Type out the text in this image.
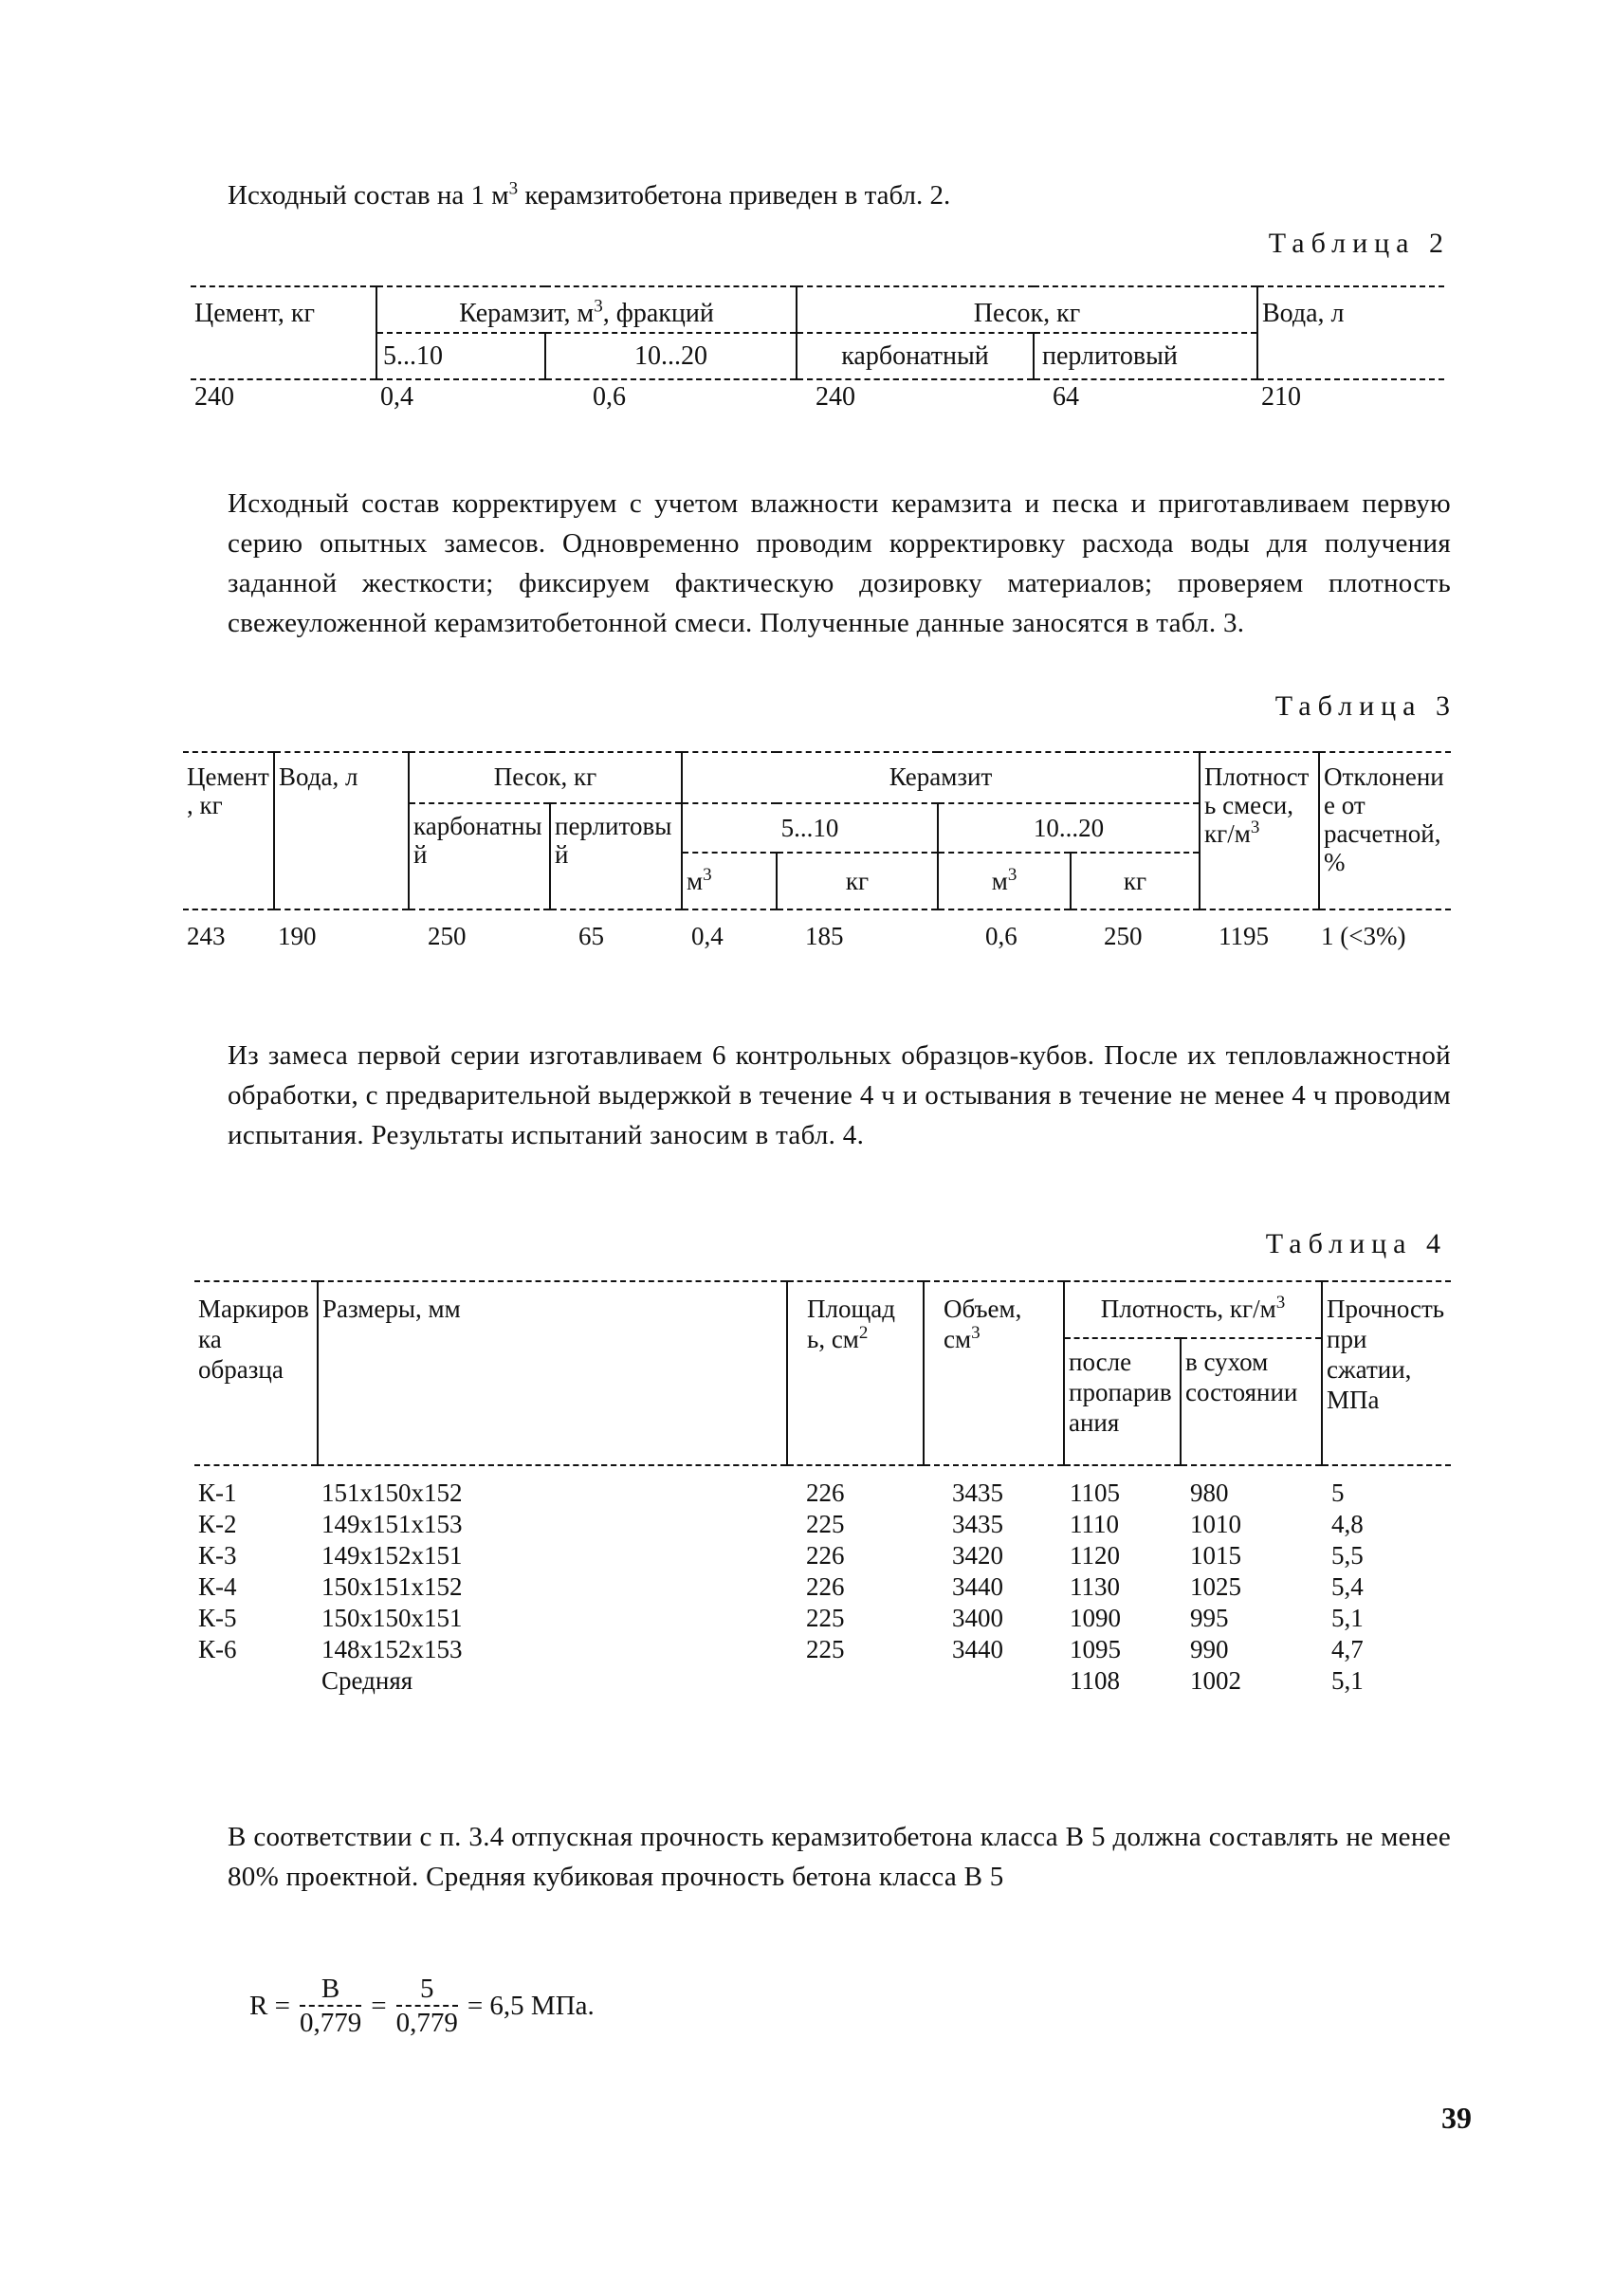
Исходный состав на 1 $м^3$ керамзитобетона приведен в табл. 2.
Таблица 2
Цемент, кг	Керамзит, $м^3$, фракций		Песок, кг		Вода, л
	5...10	10...20	карбонатный	перлитовый	
240	0,4	0,6	240	64	210
Исходный состав корректируем с учетом влажности керамзита и песка и приготавливаем первую серию опытных замесов. Одновременно проводим корректировку расхода воды для получения заданной жесткости; фиксируем фактическую дозировку материалов; проверяем плотность свежеуложенной керамзитобетонной смеси. Полученные данные заносятся в табл. 3.
Таблица 3
Цемент, кг	Вода, л	Песок, кг		Керамзит				Плотность смеси, $кг/м^3$	Отклонение от расчетной, %
		карбонатный	перлитовый	5...10		10...20			
				$м^3$	кг	$м^3$	кг		
243	190	250	65	0,4	185	0,6	250	1195	1 (<3%)
Из замеса первой серии изготавливаем 6 контрольных образцов-кубов. После их тепловлажностной обработки, с предварительной выдержкой в течение 4 ч и остывания в течение не менее 4 ч проводим испытания. Результаты испытаний заносим в табл. 4.
Таблица 4
Маркировка образца	Размеры, мм	Площадь, $см^2$	Объем, $см^3$	Плотность, $кг/м^3$		Прочность при сжатии, МПа
				после пропаривания	в сухом состоянии	
К-1	151x150x152	226	3435	1105	980	5
К-2	149x151x153	225	3435	1110	1010	4,8
К-3	149x152x151	226	3420	1120	1015	5,5
К-4	150x151x152	226	3440	1130	1025	5,4
К-5	150x150x151	225	3400	1090	995	5,1
К-6	148x152x153	225	3440	1095	990	4,7
	Средняя			1108	1002	5,1
В соответствии с п. 3.4 отпускная прочность керамзитобетона класса В 5 должна составлять не менее 80% проектной. Средняя кубиковая прочность бетона класса В 5
$R = \frac{В}{0,779} = \frac{5}{0,779} = 6,5$ МПа.
39
